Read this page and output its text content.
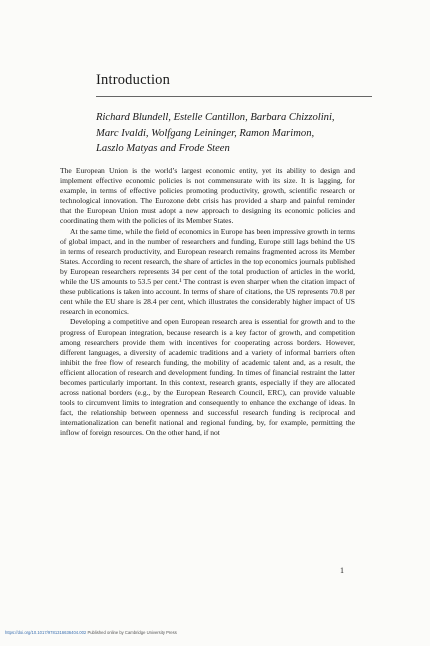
Introduction
Richard Blundell, Estelle Cantillon, Barbara Chizzolini,
Marc Ivaldi, Wolfgang Leininger, Ramon Marimon,
Laszlo Matyas and Frode Steen

The European Union is the world’s largest economic entity, yet its ability to design and implement effective economic policies is not commensurate with its size. It is lagging, for example, in terms of effective policies promoting productivity, growth, scientific research or technological innovation. The Eurozone debt crisis has provided a sharp and painful reminder that the European Union must adopt a new approach to designing its economic policies and coordinating them with the policies of its Member States.

At the same time, while the field of economics in Europe has been impressive growth in terms of global impact, and in the number of researchers and funding, Europe still lags behind the US in terms of research productivity, and European research remains fragmented across its Member States. According to recent research, the share of articles in the top economics journals published by European researchers represents 34 per cent of the total production of articles in the world, while the US amounts to 53.5 per cent.¹ The contrast is even sharper when the citation impact of these publications is taken into account. In terms of share of citations, the US represents 70.8 per cent while the EU share is 28.4 per cent, which illustrates the considerably higher impact of US research in economics.

Developing a competitive and open European research area is essential for growth and to the progress of European integration, because research is a key factor of growth, and competition among researchers provide them with incentives for cooperating across borders. However, different languages, a diversity of academic traditions and a variety of informal barriers often inhibit the free flow of research funding, the mobility of academic talent and, as a result, the efficient allocation of research and development funding. In times of financial restraint the latter becomes particularly important. In this context, research grants, especially if they are allocated across national borders (e.g., by the European Research Council, ERC), can provide valuable tools to circumvent limits to integration and consequently to enhance the exchange of ideas. In fact, the relationship between openness and successful research funding is reciprocal and internationalization can benefit national and regional funding, by, for example, permitting the inflow of foreign resources. On the other hand, if not

1
https://doi.org/10.1017/9781316636404.002 Published online by Cambridge University Press
